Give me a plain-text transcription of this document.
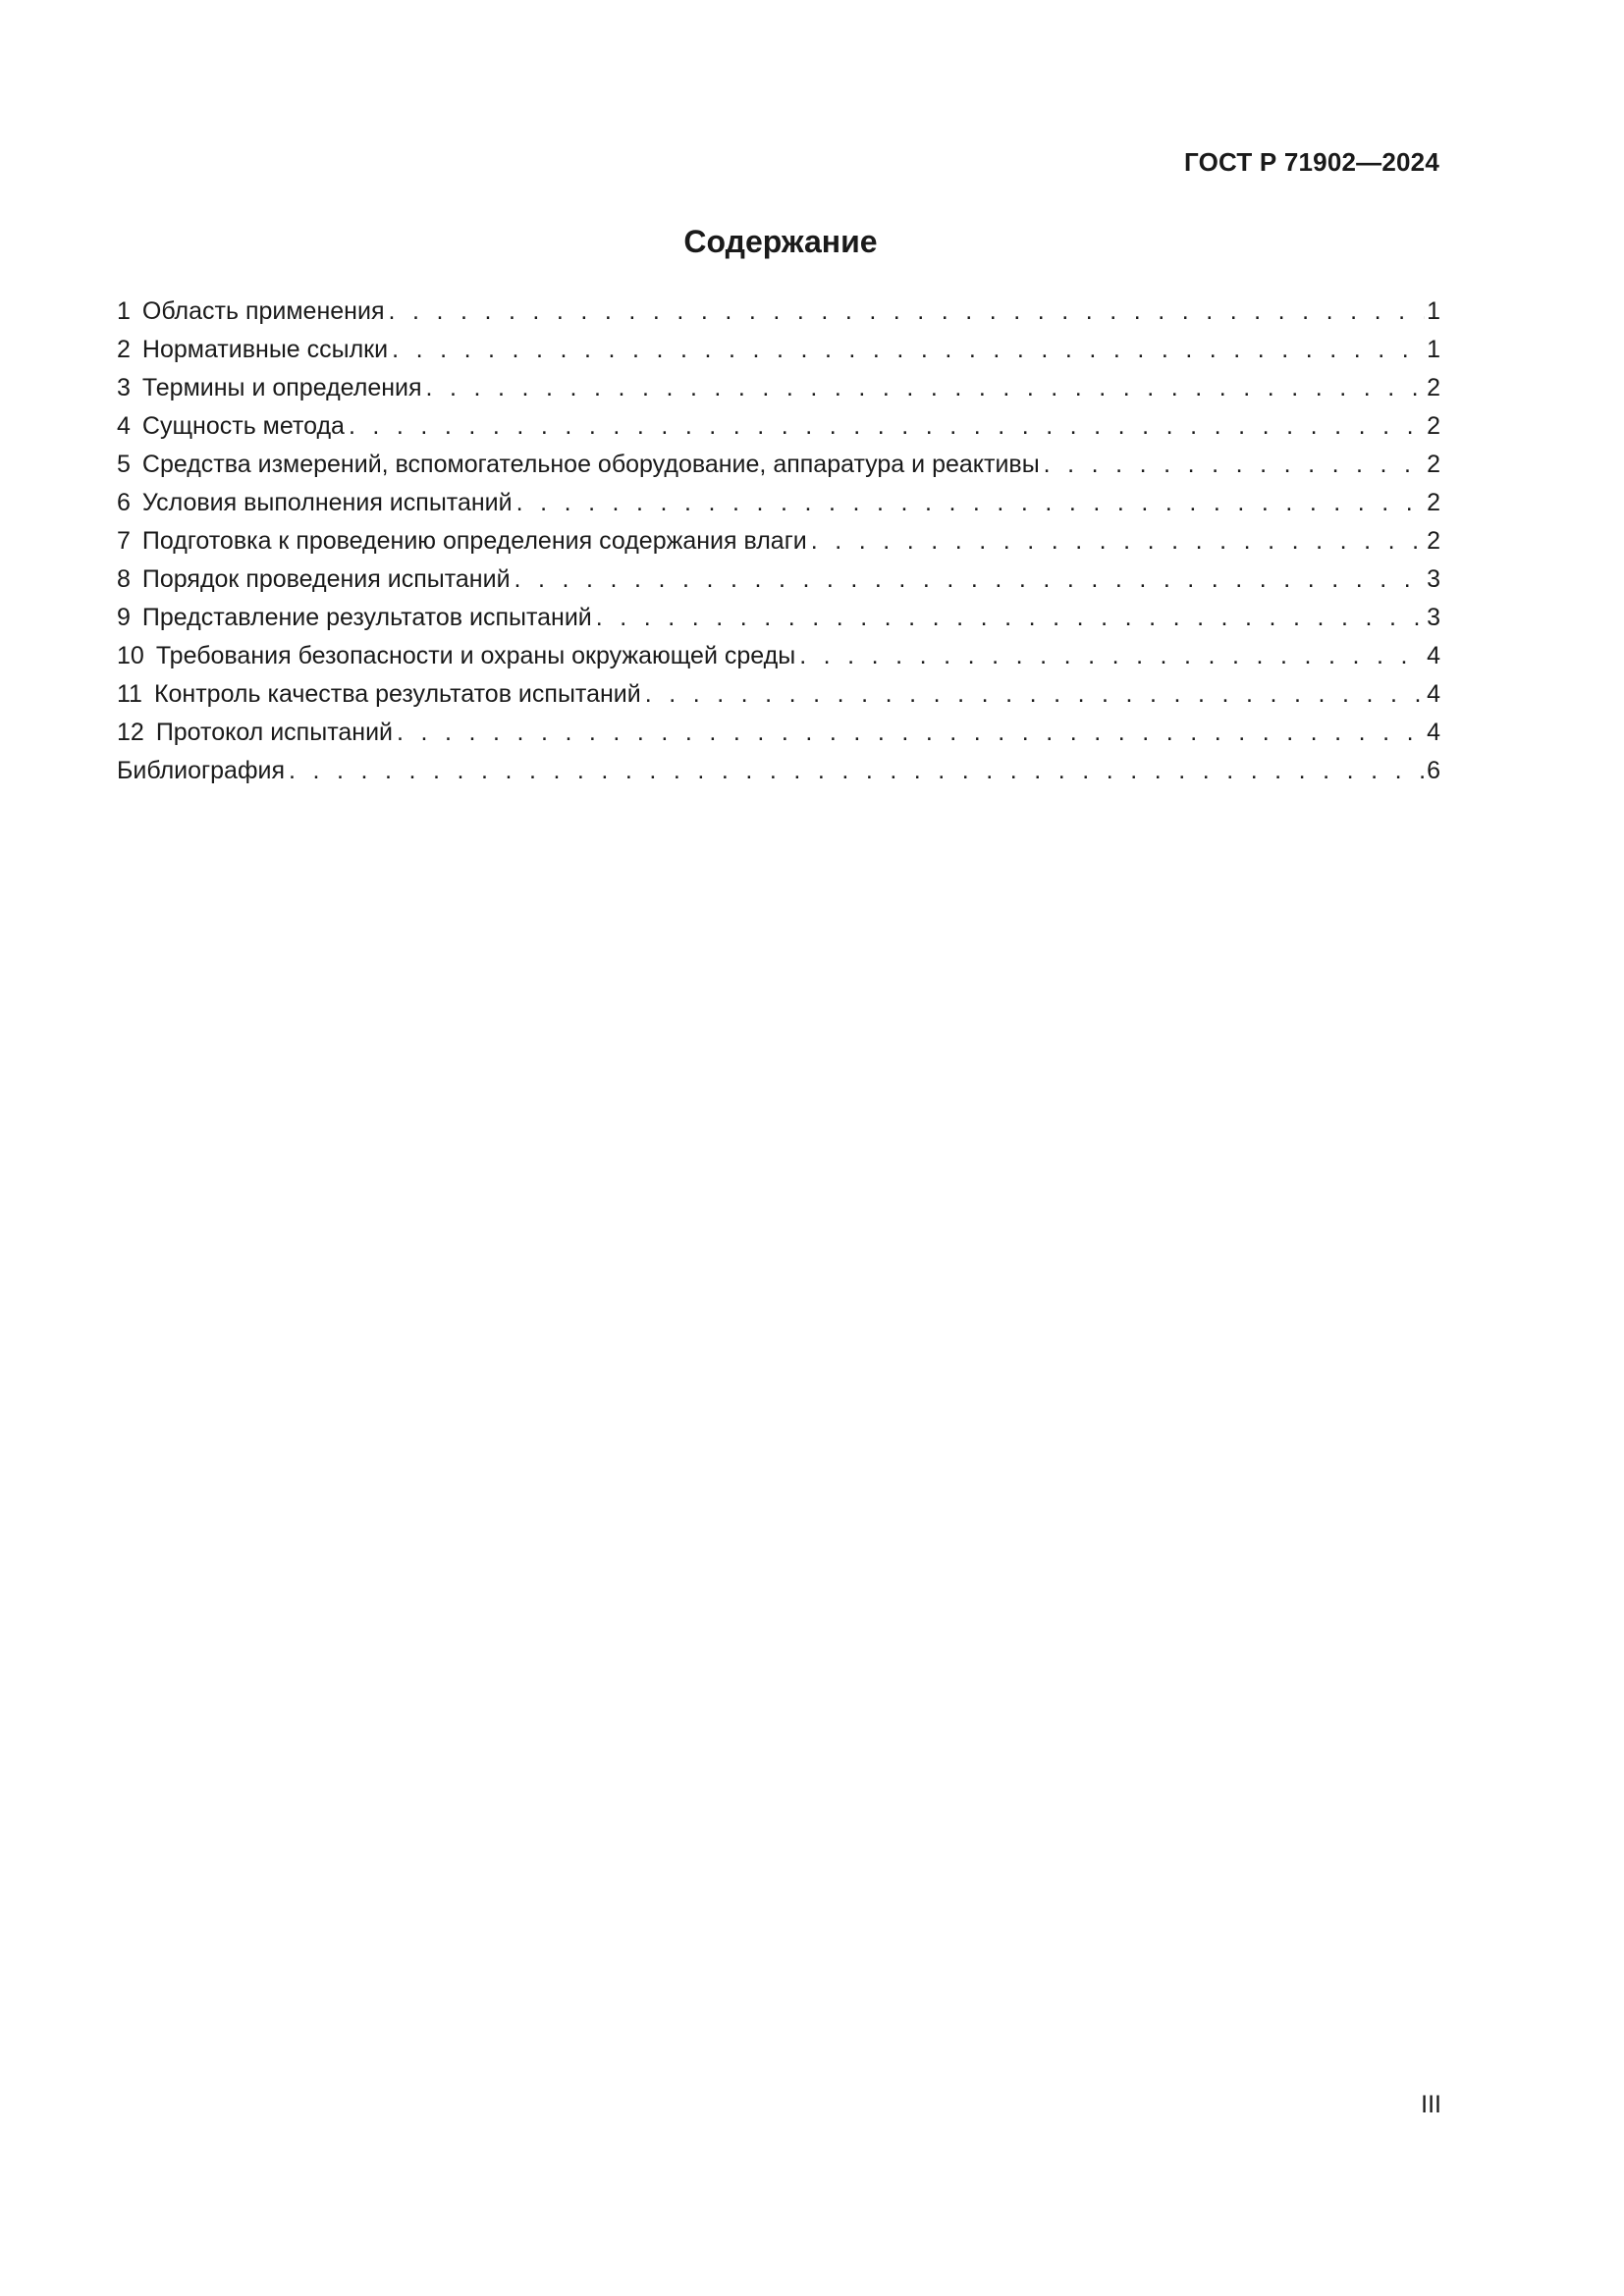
ГОСТ Р 71902—2024
Содержание
1 Область применения . . .	1
2 Нормативные ссылки . . .	1
3 Термины и определения . . .	2
4 Сущность метода . . .	2
5 Средства измерений, вспомогательное оборудование, аппаратура и реактивы . . .	2
6 Условия выполнения испытаний . . .	2
7 Подготовка к проведению определения содержания влаги . . .	2
8 Порядок проведения испытаний . . .	3
9 Представление результатов испытаний . . .	3
10 Требования безопасности и охраны окружающей среды . . .	4
11 Контроль качества результатов испытаний . . .	4
12 Протокол испытаний . . .	4
Библиография . . .	6
III
